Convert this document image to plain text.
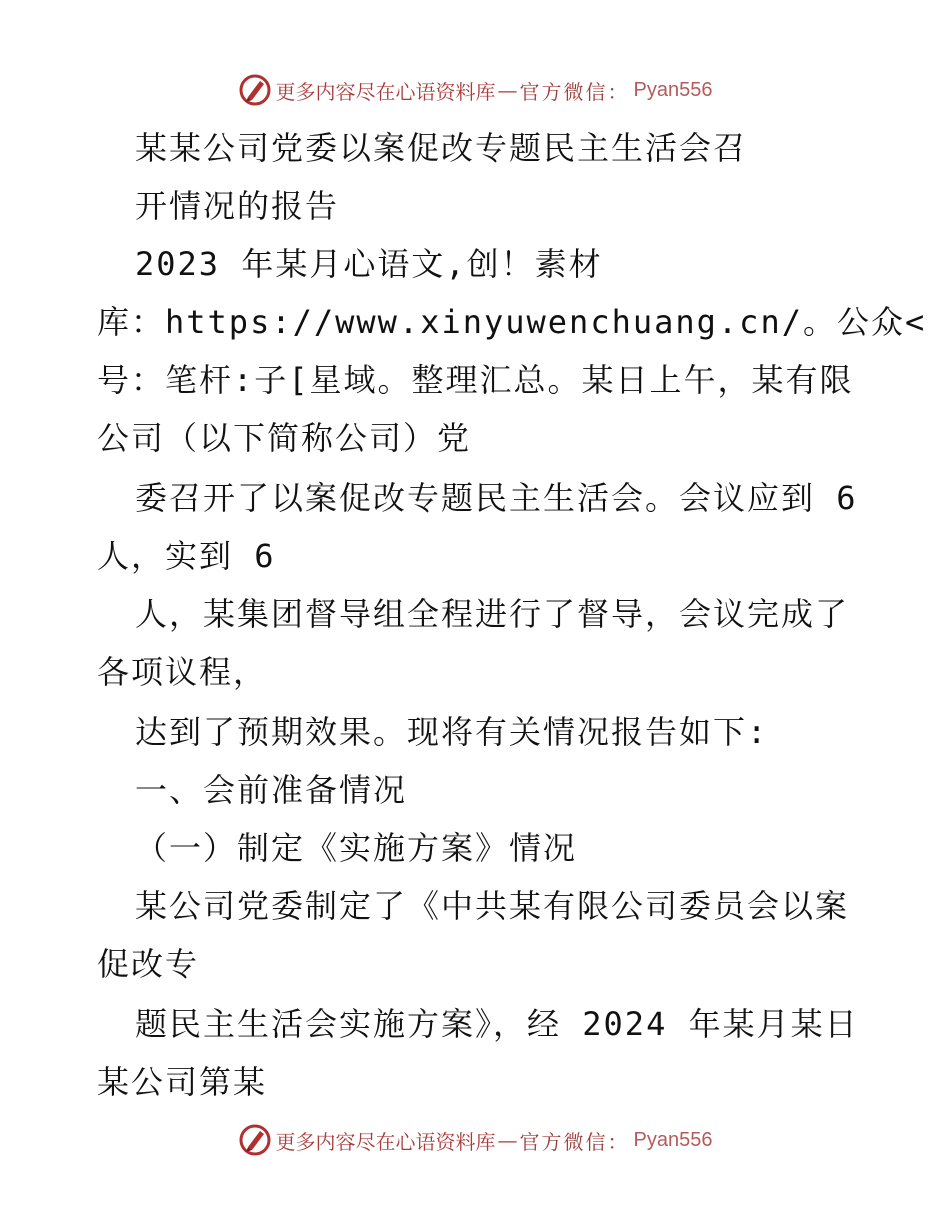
更多内容尽在心语资料库 — 官方微信： Pyan556
某某公司党委以案促改专题民主生活会召
开情况的报告
2023 年某月心语文,创！素材
库：https://www.xinyuwenchuang.cn/。公众<
号：笔杆:子[星域。整理汇总。某日上午，某有限
公司（以下简称公司）党
委召开了以案促改专题民主生活会。会议应到 6
人，实到 6
人，某集团督导组全程进行了督导，会议完成了
各项议程，
达到了预期效果。现将有关情况报告如下:
一、会前准备情况
（一）制定《实施方案》情况
某公司党委制定了《中共某有限公司委员会以案
促改专
题民主生活会实施方案》，经 2024 年某月某日
某公司第某
更多内容尽在心语资料库 — 官方微信： Pyan556
